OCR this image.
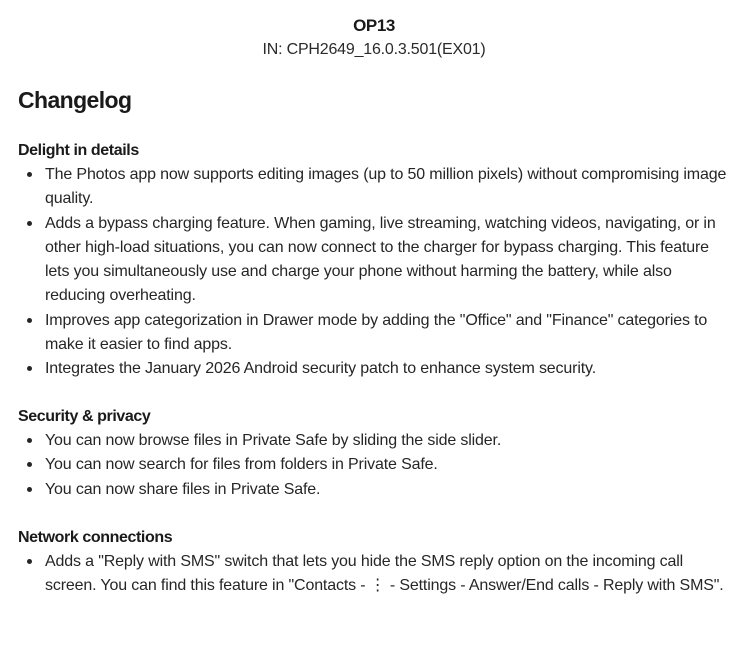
OP13
IN: CPH2649_16.0.3.501(EX01)
Changelog
Delight in details
The Photos app now supports editing images (up to 50 million pixels) without compromising image quality.
Adds a bypass charging feature. When gaming, live streaming, watching videos, navigating, or in other high-load situations, you can now connect to the charger for bypass charging. This feature lets you simultaneously use and charge your phone without harming the battery, while also reducing overheating.
Improves app categorization in Drawer mode by adding the "Office" and "Finance" categories to make it easier to find apps.
Integrates the January 2026 Android security patch to enhance system security.
Security & privacy
You can now browse files in Private Safe by sliding the side slider.
You can now search for files from folders in Private Safe.
You can now share files in Private Safe.
Network connections
Adds a "Reply with SMS" switch that lets you hide the SMS reply option on the incoming call screen. You can find this feature in "Contacts - ⋮ - Settings - Answer/End calls - Reply with SMS".
